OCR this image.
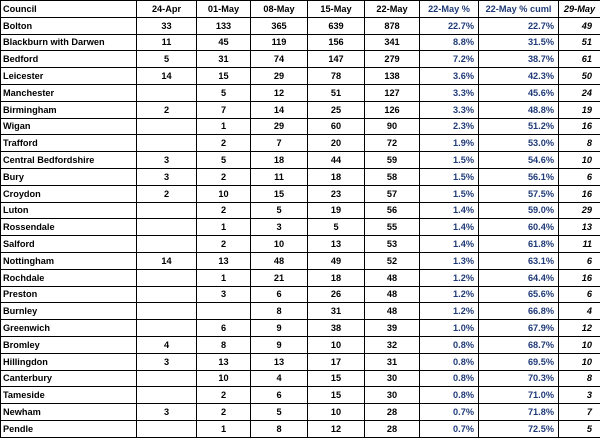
Council	24-Apr	01-May	08-May	15-May	22-May	22-May %	22-May % cuml	29-May
Bolton	33	133	365	639	878	22.7%	22.7%	49
Blackburn with Darwen	11	45	119	156	341	8.8%	31.5%	51
Bedford	5	31	74	147	279	7.2%	38.7%	61
Leicester	14	15	29	78	138	3.6%	42.3%	50
Manchester		5	12	51	127	3.3%	45.6%	24
Birmingham	2	7	14	25	126	3.3%	48.8%	19
Wigan		1	29	60	90	2.3%	51.2%	16
Trafford		2	7	20	72	1.9%	53.0%	8
Central Bedfordshire	3	5	18	44	59	1.5%	54.6%	10
Bury	3	2	11	18	58	1.5%	56.1%	6
Croydon	2	10	15	23	57	1.5%	57.5%	16
Luton		2	5	19	56	1.4%	59.0%	29
Rossendale		1	3	5	55	1.4%	60.4%	13
Salford		2	10	13	53	1.4%	61.8%	11
Nottingham	14	13	48	49	52	1.3%	63.1%	6
Rochdale		1	21	18	48	1.2%	64.4%	16
Preston		3	6	26	48	1.2%	65.6%	6
Burnley			8	31	48	1.2%	66.8%	4
Greenwich		6	9	38	39	1.0%	67.9%	12
Bromley	4	8	9	10	32	0.8%	68.7%	10
Hillingdon	3	13	13	17	31	0.8%	69.5%	10
Canterbury		10	4	15	30	0.8%	70.3%	8
Tameside		2	6	15	30	0.8%	71.0%	3
Newham	3	2	5	10	28	0.7%	71.8%	7
Pendle		1	8	12	28	0.7%	72.5%	5
